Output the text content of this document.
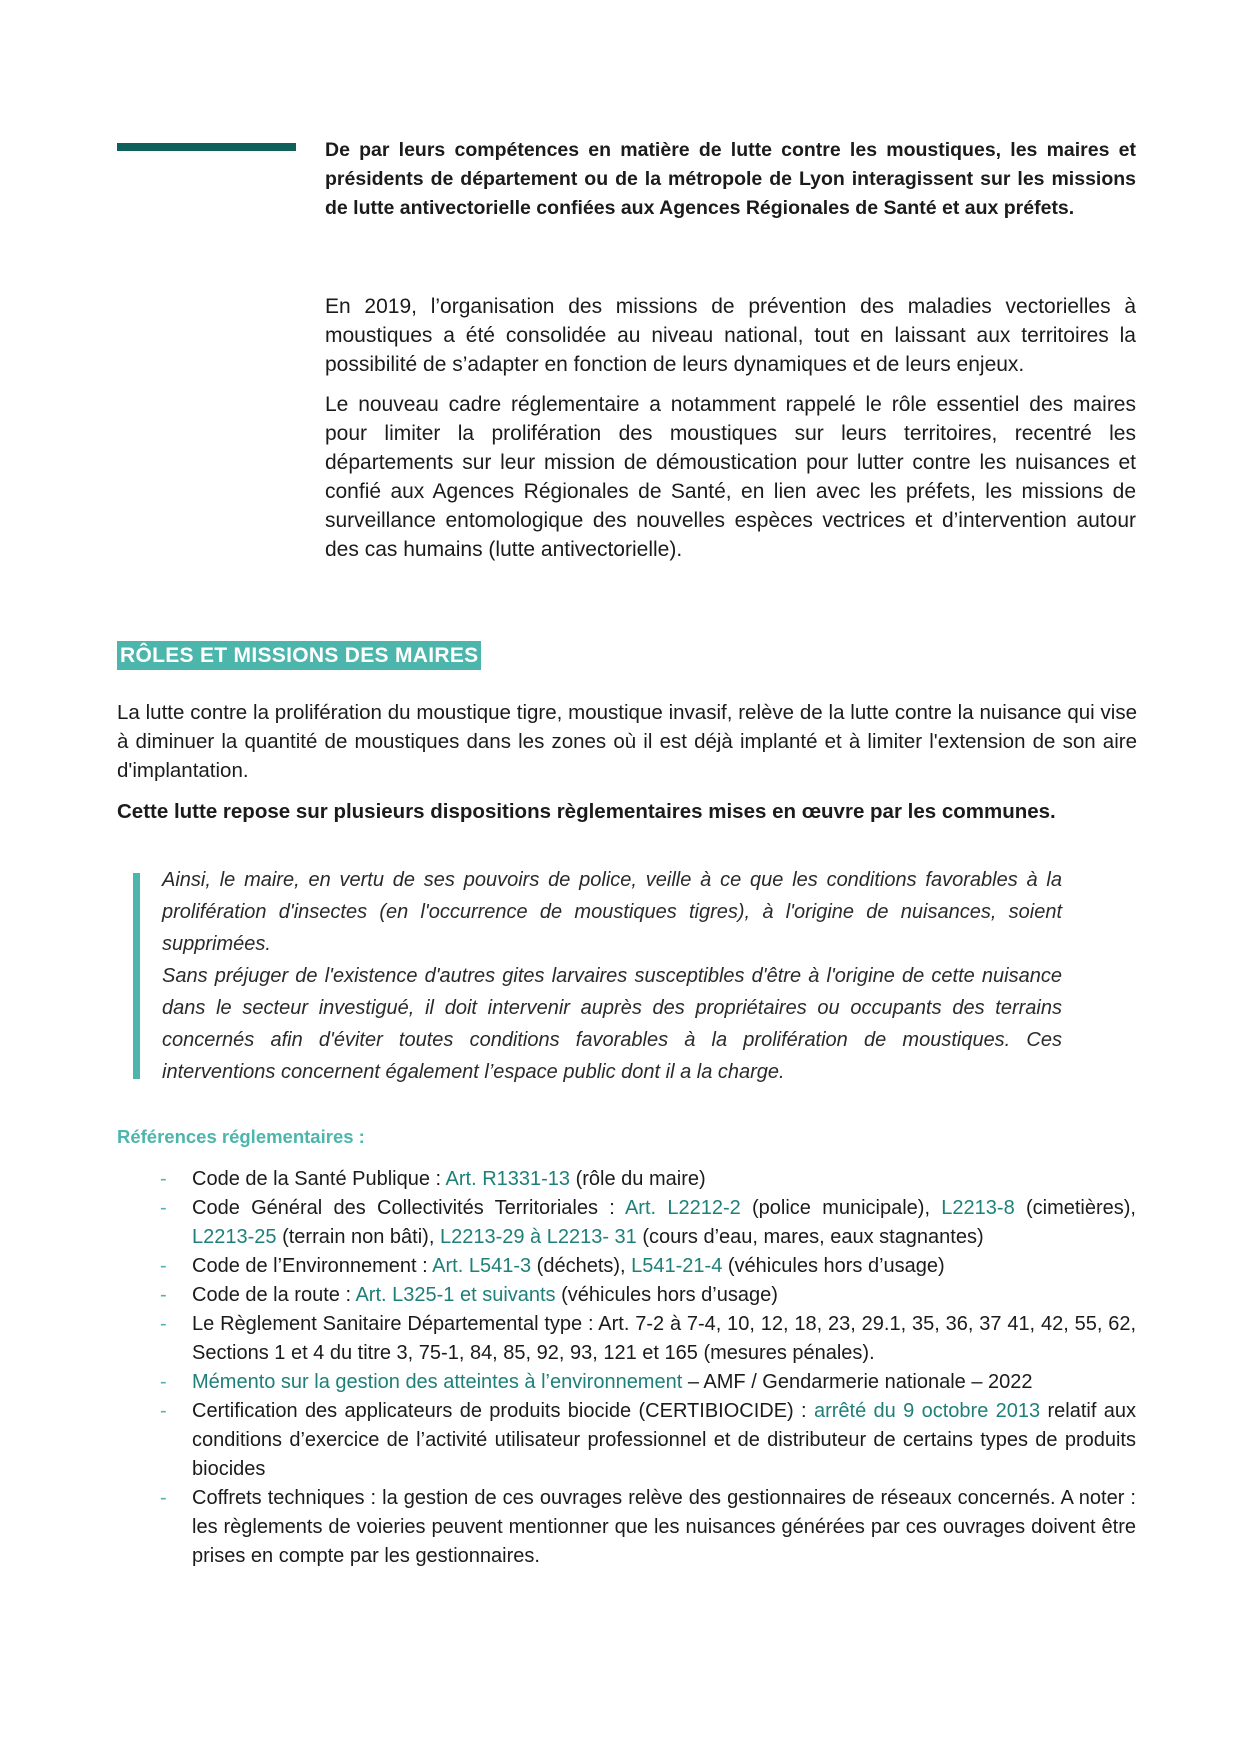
De par leurs compétences en matière de lutte contre les moustiques, les maires et présidents de département ou de la métropole de Lyon interagissent sur les missions de lutte antivectorielle confiées aux Agences Régionales de Santé et aux préfets.

En 2019, l’organisation des missions de prévention des maladies vectorielles à moustiques a été consolidée au niveau national, tout en laissant aux territoires la possibilité de s’adapter en fonction de leurs dynamiques et de leurs enjeux.

Le nouveau cadre réglementaire a notamment rappelé le rôle essentiel des maires pour limiter la prolifération des moustiques sur leurs territoires, recentré les départements sur leur mission de démoustication pour lutter contre les nuisances et confié aux Agences Régionales de Santé, en lien avec les préfets, les missions de surveillance entomologique des nouvelles espèces vectrices et d’intervention autour des cas humains (lutte antivectorielle).

RÔLES ET MISSIONS DES MAIRES

La lutte contre la prolifération du moustique tigre, moustique invasif, relève de la lutte contre la nuisance qui vise à diminuer la quantité de moustiques dans les zones où il est déjà implanté et à limiter l'extension de son aire d'implantation.

Cette lutte repose sur plusieurs dispositions règlementaires mises en œuvre par les communes.

Ainsi, le maire, en vertu de ses pouvoirs de police, veille à ce que les conditions favorables à la prolifération d'insectes (en l'occurrence de moustiques tigres), à l'origine de nuisances, soient supprimées.
Sans préjuger de l'existence d'autres gites larvaires susceptibles d'être à l'origine de cette nuisance dans le secteur investigué, il doit intervenir auprès des propriétaires ou occupants des terrains concernés afin d'éviter toutes conditions favorables à la prolifération de moustiques. Ces interventions concernent également l’espace public dont il a la charge.

Références réglementaires :
- Code de la Santé Publique : Art. R1331-13 (rôle du maire)
- Code Général des Collectivités Territoriales : Art. L2212-2 (police municipale), L2213-8 (cimetières), L2213-25 (terrain non bâti), L2213-29 à L2213- 31 (cours d’eau, mares, eaux stagnantes)
- Code de l’Environnement : Art. L541-3 (déchets), L541-21-4 (véhicules hors d’usage)
- Code de la route : Art. L325-1 et suivants (véhicules hors d’usage)
- Le Règlement Sanitaire Départemental type : Art. 7-2 à 7-4, 10, 12, 18, 23, 29.1, 35, 36, 37 41, 42, 55, 62, Sections 1 et 4 du titre 3, 75-1, 84, 85, 92, 93, 121 et 165 (mesures pénales).
- Mémento sur la gestion des atteintes à l’environnement – AMF / Gendarmerie nationale – 2022
- Certification des applicateurs de produits biocide (CERTIBIOCIDE) : arrêté du 9 octobre 2013 relatif aux conditions d’exercice de l’activité utilisateur professionnel et de distributeur de certains types de produits biocides
- Coffrets techniques : la gestion de ces ouvrages relève des gestionnaires de réseaux concernés. A noter : les règlements de voieries peuvent mentionner que les nuisances générées par ces ouvrages doivent être prises en compte par les gestionnaires.
